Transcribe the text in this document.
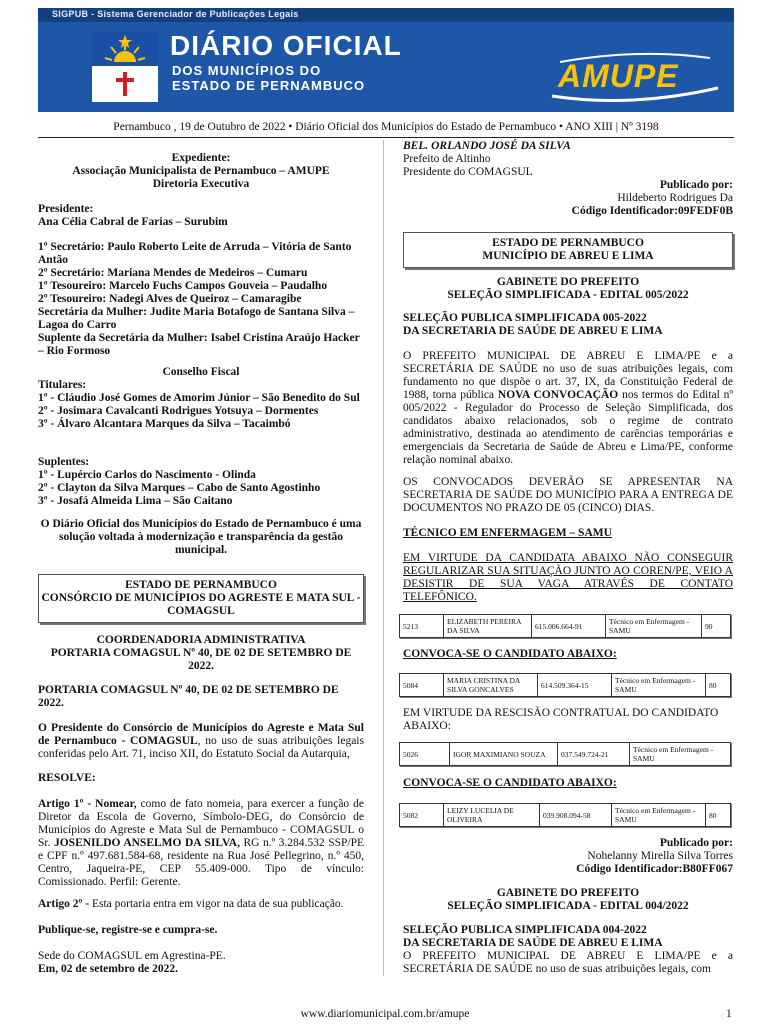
SIGPUB - Sistema Gerenciador de Publicações Legais
DIÁRIO OFICIAL
DOS MUNICÍPIOS DO
ESTADO DE PERNAMBUCO	AMUPE
Pernambuco , 19 de Outubro de 2022 • Diário Oficial dos Municípios do Estado de Pernambuco • ANO XIII | Nº 3198
Expediente:
Associação Municipalista de Pernambuco – AMUPE
Diretoria Executiva
Presidente:
Ana Célia Cabral de Farias – Surubim

1º Secretário: Paulo Roberto Leite de Arruda – Vitória de Santo Antão

2º Secretário: Mariana Mendes de Medeiros – Cumaru

1º Tesoureiro: Marcelo Fuchs Campos Gouveia – Paudalho

2º Tesoureiro: Nadegi Alves de Queiroz – Camaragibe

Secretária da Mulher: Judite Maria Botafogo de Santana Silva – Lagoa do Carro

Suplente da Secretária da Mulher: Isabel Cristina Araújo Hacker – Rio Formoso

Conselho Fiscal

Titulares:

1º - Cláudio José Gomes de Amorim Júnior – São Benedito do Sul

2º - Josimara Cavalcanti Rodrigues Yotsuya – Dormentes

3º - Álvaro Alcantara Marques da Silva – Tacaimbó

Suplentes:

1º - Lupércio Carlos do Nascimento - Olinda

2º - Clayton da Silva Marques – Cabo de Santo Agostinho

3º - Josafá Almeida Lima – São Caitano

O Diário Oficial dos Municípios do Estado de Pernambuco é uma solução voltada à modernização e transparência da gestão municipal.

ESTADO DE PERNAMBUCO

CONSÓRCIO DE MUNICÍPIOS DO AGRESTE E MATA SUL - COMAGSUL

COORDENADORIA ADMINISTRATIVA

PORTARIA COMAGSUL Nº 40, DE 02 DE SETEMBRO DE 2022.

PORTARIA COMAGSUL Nº 40, DE 02 DE SETEMBRO DE 2022.
O Presidente do Consórcio de Municípios do Agreste e Mata Sul de Pernambuco - COMAGSUL, no uso de suas atribuições legais conferidas pelo Art. 71, inciso XII, do Estatuto Social da Autarquia,
RESOLVE:
Artigo 1º - Nomear, como de fato nomeia, para exercer a função de Diretor da Escola de Governo, Símbolo-DEG, do Consórcio de Municípios do Agreste e Mata Sul de Pernambuco - COMAGSUL o Sr. JOSENILDO ANSELMO DA SILVA, RG n.º 3.284.532 SSP/PE e CPF n.º 497.681.584-68, residente na Rua José Pellegrino, n.º 450, Centro, Jaqueira-PE, CEP 55.409-000. Tipo de vínculo: Comissionado. Perfil: Gerente.
Artigo 2º - Esta portaria entra em vigor na data de sua publicação.
Publique-se, registre-se e cumpra-se.
Sede do COMAGSUL em Agrestina-PE.
Em, 02 de setembro de 2022.
BEL. ORLANDO JOSÉ DA SILVA
Prefeito de Altinho
Presidente do COMAGSUL
Publicado por:
Hildeberto Rodrigues Da
Código Identificador:09FEDF0B

ESTADO DE PERNAMBUCO

MUNICÍPIO DE ABREU E LIMA

GABINETE DO PREFEITO

SELEÇÃO SIMPLIFICADA - EDITAL 005/2022

SELEÇÃO PUBLICA SIMPLIFICADA 005-2022

DA SECRETARIA DE SAÚDE DE ABREU E LIMA

O PREFEITO MUNICIPAL DE ABREU E LIMA/PE e a SECRETÁRIA DE SAÚDE no uso de suas atribuições legais, com fundamento no que dispõe o art. 37, IX, da Constituição Federal de 1988, torna pública NOVA CONVOCAÇÃO nos termos do Edital nº 005/2022 - Regulador do Processo de Seleção Simplificada, dos candidatos abaixo relacionados, sob o regime de contrato administrativo, destinada ao atendimento de carências temporárias e emergenciais da Secretaria de Saúde de Abreu e Lima/PE, conforme relação nominal abaixo.
OS CONVOCADOS DEVERÃO SE APRESENTAR NA SECRETARIA DE SAÚDE DO MUNICÍPIO PARA A ENTREGA DE DOCUMENTOS NO PRAZO DE 05 (CINCO) DIAS.
TÉCNICO EM ENFERMAGEM – SAMU
EM VIRTUDE DA CANDIDATA ABAIXO NÃO CONSEGUIR REGULARIZAR SUA SITUAÇÃO JUNTO AO COREN/PE, VEIO A DESISTIR DE SUA VAGA ATRAVÉS DE CONTATO TELEFÔNICO.
5213	ELIZABETH PEREIRA DA SILVA	615.006.664-91	Técnico em Enfermagem - SAMU	90
CONVOCA-SE O CANDIDATO ABAIXO:
5084	MARIA CRISTINA DA SILVA GONCALVES	614.509.364-15	Técnico em Enfermagem - SAMU	80
EM VIRTUDE DA RESCISÃO CONTRATUAL DO CANDIDATO ABAIXO:
5026	IGOR MAXIMIANO SOUZA	037.549.724-21	Técnico em Enfermagem - SAMU
CONVOCA-SE O CANDIDATO ABAIXO:
5082	LEIZY LUCELIA DE OLIVEIRA	039.908.094-58	Técnico em Enfermagem - SAMU	80
Publicado por:
Nohelanny Mirella Silva Torres
Código Identificador:B80FF067

GABINETE DO PREFEITO

SELEÇÃO SIMPLIFICADA - EDITAL 004/2022

SELEÇÃO PUBLICA SIMPLIFICADA 004-2022

DA SECRETARIA DE SAÚDE DE ABREU E LIMA

O PREFEITO MUNICIPAL DE ABREU E LIMA/PE e a SECRETÁRIA DE SAÚDE no uso de suas atribuições legais, com
www.diariomunicipal.com.br/amupe	1
